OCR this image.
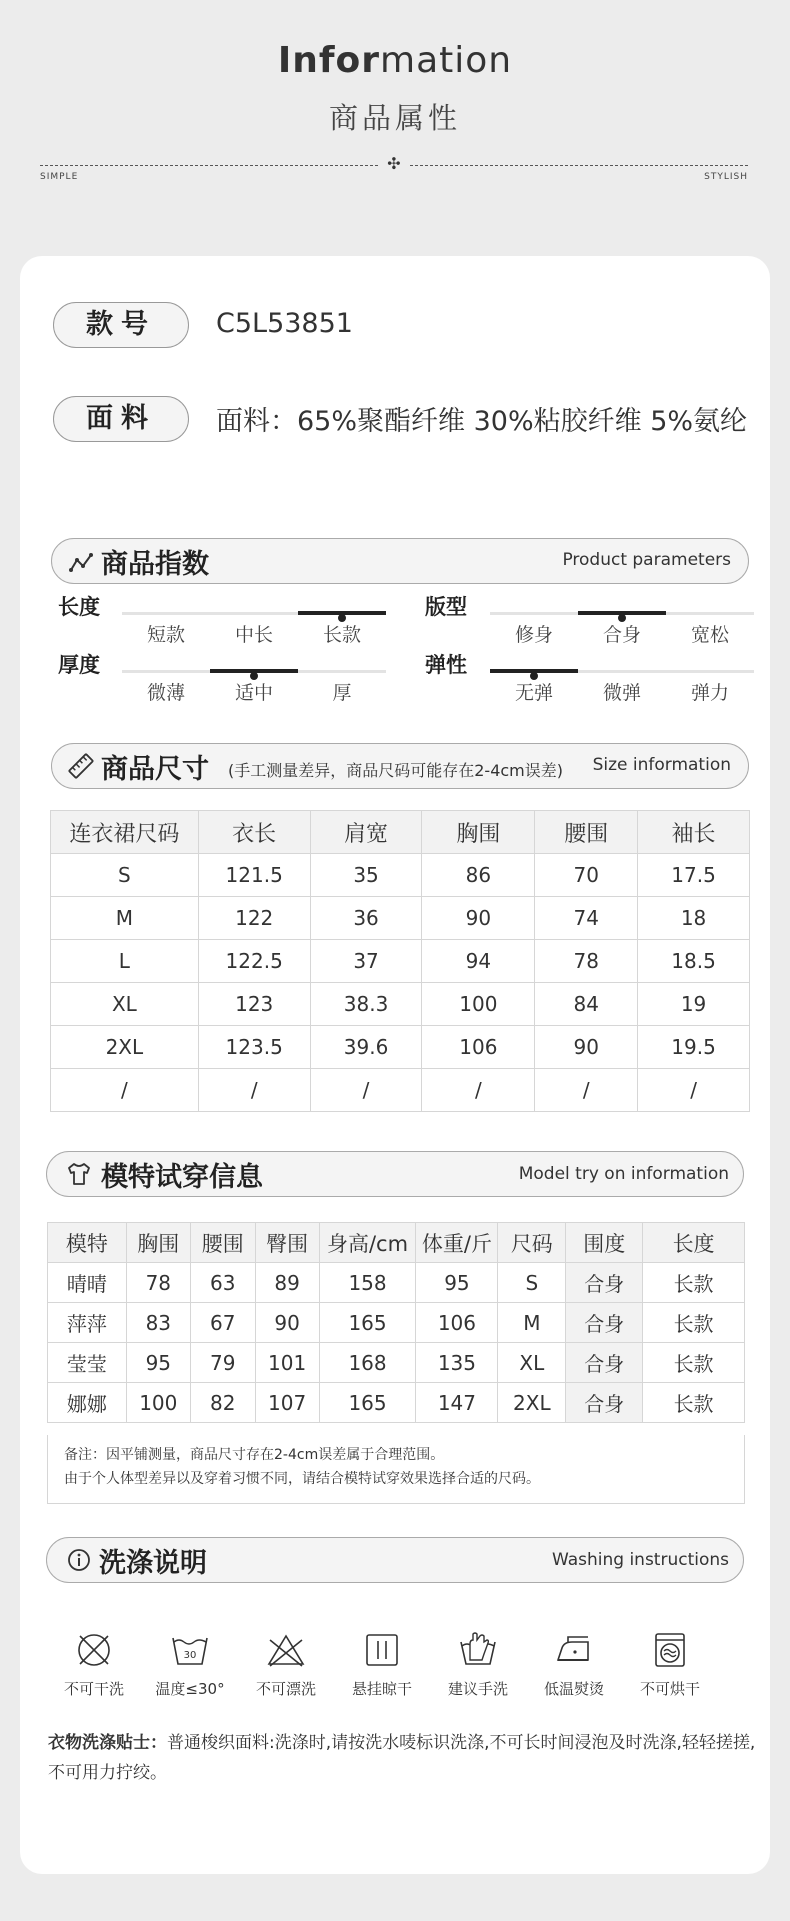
Information
商品属性
✣
SIMPLE	STYLISH
款号	C5L53851
面料	面料：65%聚酯纤维 30%粘胶纤维 5%氨纶
商品指数	Product parameters
长度
短款	中长	长款
版型
修身	合身	宽松
厚度
微薄	适中	厚
弹性
无弹	微弹	弹力
商品尺寸 (手工测量差异，商品尺码可能存在2-4cm误差) Size information
连衣裙尺码	衣长	肩宽	胸围	腰围	袖长
S	121.5	35	86	70	17.5
M	122	36	90	74	18
L	122.5	37	94	78	18.5
XL	123	38.3	100	84	19
2XL	123.5	39.6	106	90	19.5
/	/	/	/	/	/
模特试穿信息	Model try on information
模特	胸围	腰围	臀围	身高/cm	体重/斤	尺码	围度	长度
晴晴	78	63	89	158	95	S	合身	长款
萍萍	83	67	90	165	106	M	合身	长款
莹莹	95	79	101	168	135	XL	合身	长款
娜娜	100	82	107	165	147	2XL	合身	长款
备注：因平铺测量，商品尺寸存在2-4cm误差属于合理范围。
由于个人体型差异以及穿着习惯不同，请结合模特试穿效果选择合适的尺码。
洗涤说明	Washing instructions
不可干洗
30
温度≤30°	不可漂洗	悬挂晾干	建议手洗	低温熨烫	不可烘干
衣物洗涤贴士：普通梭织面料:洗涤时,请按洗水唛标识洗涤,不可长时间浸泡及时洗涤,轻轻搓搓,不可用力拧绞。
